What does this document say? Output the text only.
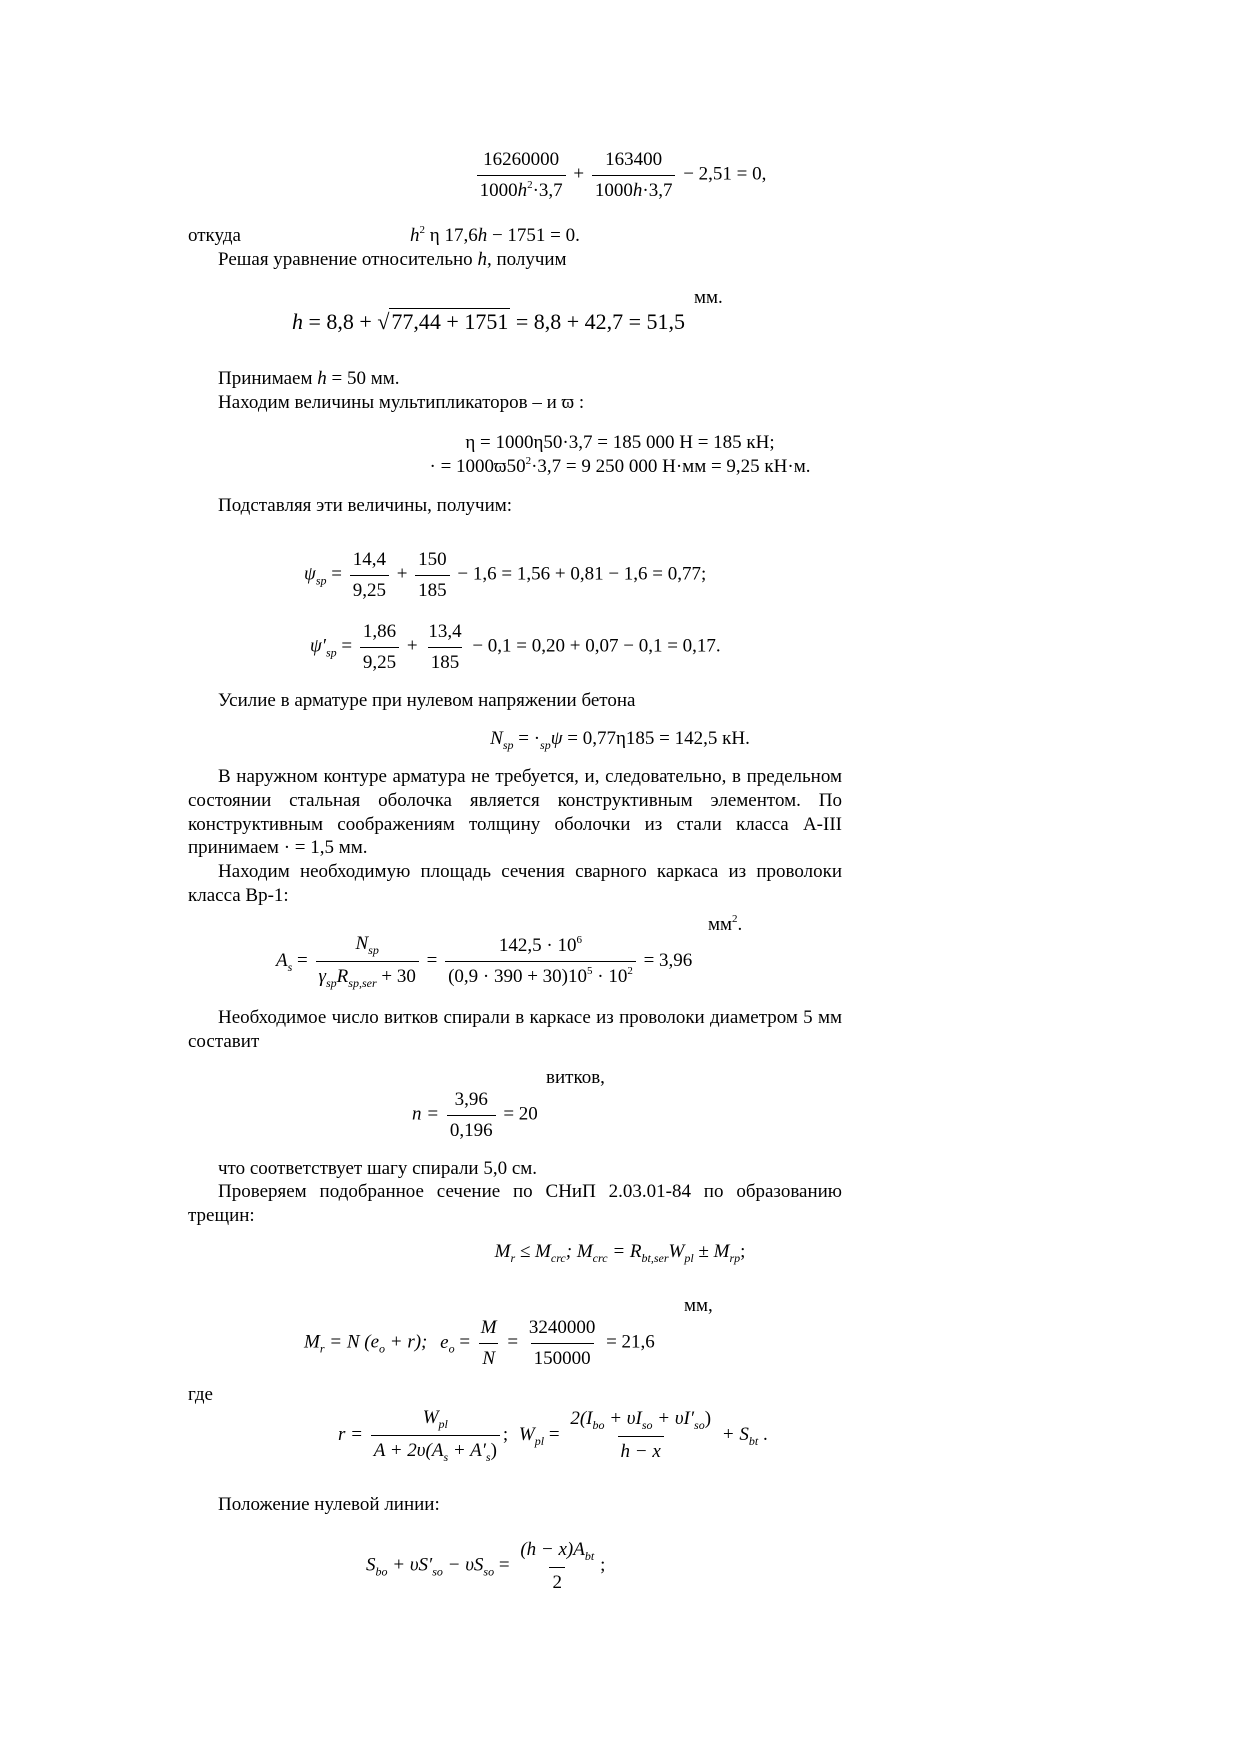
$\frac{16260000}{1000h^2\cdot 3,7} + \frac{163400}{1000h\cdot 3,7} - 2,51 = 0$,
откуда	$h^2$ η 17,6h − 1751 = 0.
Решая уравнение относительно h, получим
h = 8,8 + √77,44 + 1751 = 8,8 + 42,7 = 51,5
мм.
Принимаем h = 50 мм.
Находим величины мультипликаторов – и ϖ :
η = 1000η50·3,7 = 185 000 Н = 185 кН;
· = $1000ϖ50^2\cdot 3,7 = 9$ 250 000 Н·мм = 9,25 кН·м.
Подставляя эти величины, получим:
$\psi_{sp} = \frac{14,4}{9,25} + \frac{150}{185} - 1,6 = 1,56 + 0,81 - 1,6 = 0,77$;
$\psi'_{sp} = \frac{1,86}{9,25} + \frac{13,4}{185} - 0,1 = 0,20 + 0,07 - 0,1 = 0,17$.
Усилие в арматуре при нулевом напряжении бетона
$N_{sp} = \cdot_{sp}\psi = 0,77\eta 185 = 142,5$ кН.
В наружном контуре арматура не требуется, и, следовательно, в предельном состоянии стальная оболочка является конструктивным элементом. По конструктивным соображениям толщину оболочки из стали класса А-III принимаем · = 1,5 мм.
Находим необходимую площадь сечения сварного каркаса из проволоки класса Вр-1:
$A_s = \frac{N_{sp}}{\gamma_{sp}R_{sp,ser} + 30} = \frac{142,5 \cdot 10^6}{(0,9 \cdot 390 + 30)10^5 \cdot 10^2} = 3,96$
$мм^2$.
Необходимое число витков спирали в каркасе из проволоки диаметром 5 мм составит
витков,
$n = \frac{3,96}{0,196} = 20$
что соответствует шагу спирали 5,0 см.
Проверяем подобранное сечение по СНиП 2.03.01-84 по образованию трещин:
$M_r \le M_{crc}$; $M_{crc} = R_{bt,ser}W_{pl} \pm M_{rp}$;
мм,
$M_r = N$ $(e_o + r)$; $e_o = \frac{M}{N} = \frac{3240000}{150000} = 21,6$
где
$r = \frac{W_{pl}}{A + 2\upsilon(A_s + A'_s)}$ ; $W_{pl} = \frac{2(I_{bo} + \upsilon I_{so} + \upsilon I'_{so})}{h - x} + S_{bt}$ .
Положение нулевой линии:
$S_{bo} + \upsilon S'_{so} - \upsilon S_{so} = \frac{(h - x)A_{bt}}{2}$ ;
